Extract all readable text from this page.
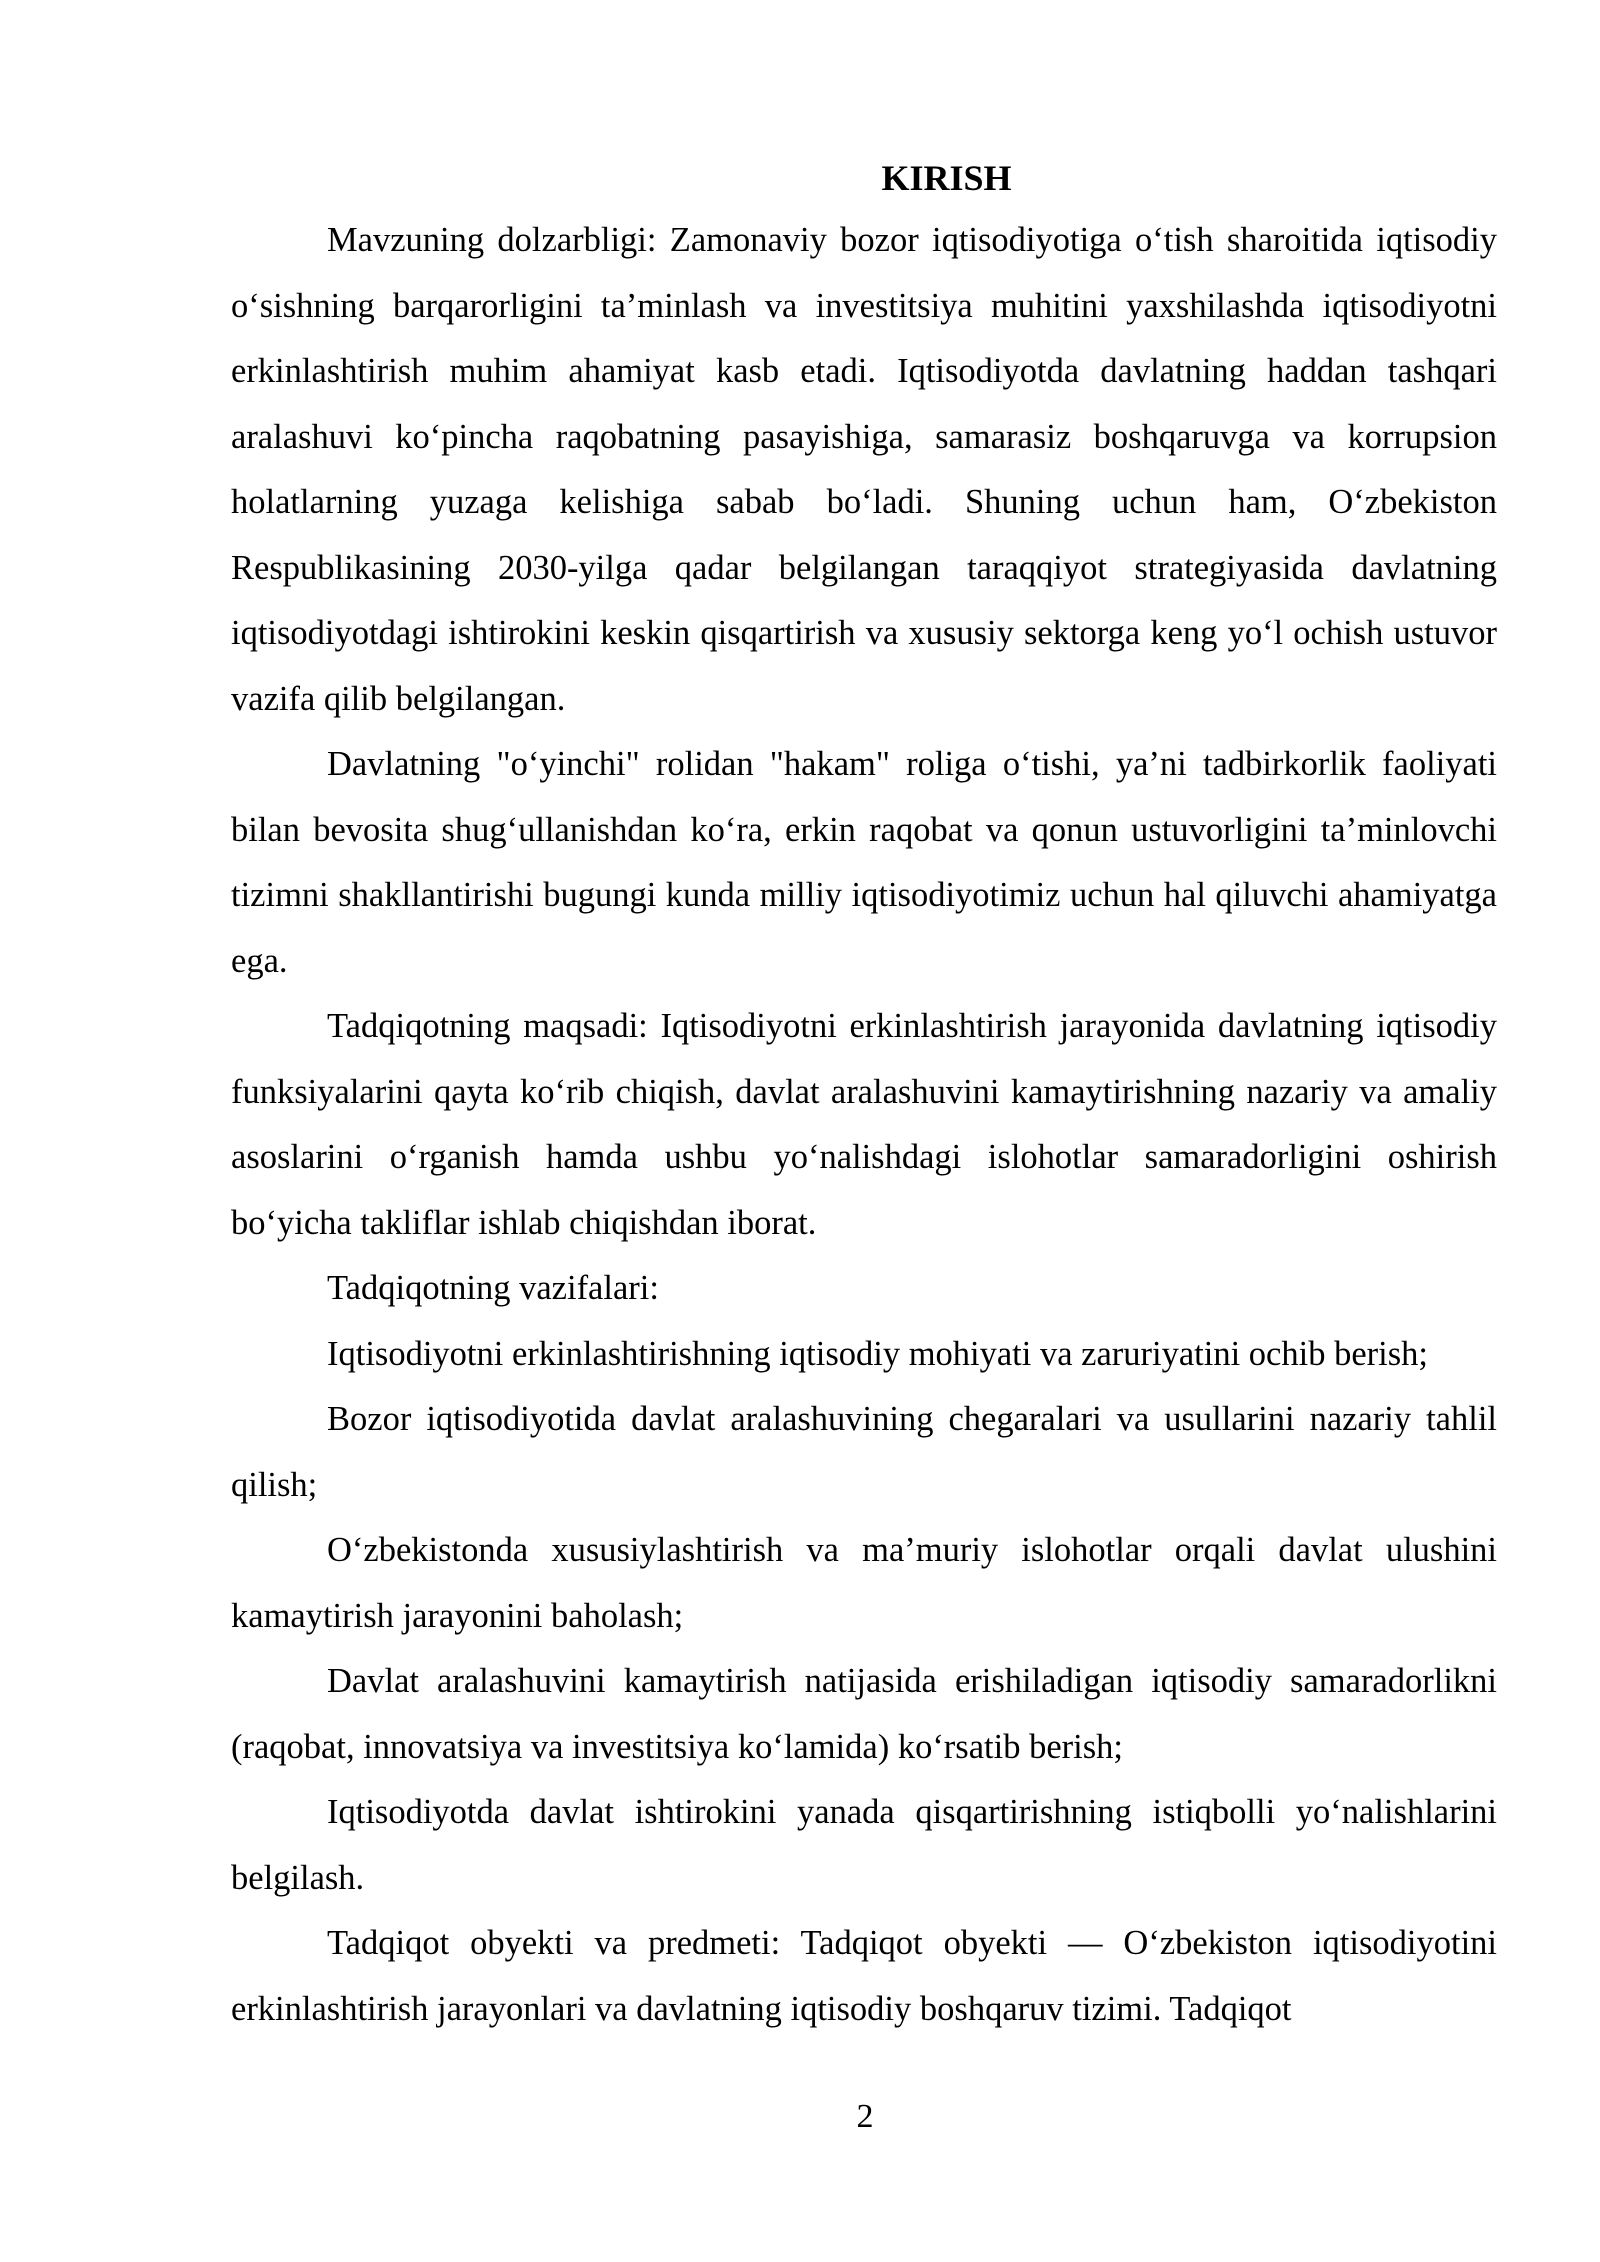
KIRISH

Mavzuning dolzarbligi: Zamonaviy bozor iqtisodiyotiga o‘tish sharoitida iqtisodiy o‘sishning barqarorligini ta’minlash va investitsiya muhitini yaxshilashda iqtisodiyotni erkinlashtirish muhim ahamiyat kasb etadi. Iqtisodiyotda davlatning haddan tashqari aralashuvi ko‘pincha raqobatning pasayishiga, samarasiz boshqaruvga va korrupsion holatlarning yuzaga kelishiga sabab bo‘ladi. Shuning uchun ham, O‘zbekiston Respublikasining 2030-yilga qadar belgilangan taraqqiyot strategiyasida davlatning iqtisodiyotdagi ishtirokini keskin qisqartirish va xususiy sektorga keng yo‘l ochish ustuvor vazifa qilib belgilangan.

Davlatning "o‘yinchi" rolidan "hakam" roliga o‘tishi, ya’ni tadbirkorlik faoliyati bilan bevosita shug‘ullanishdan ko‘ra, erkin raqobat va qonun ustuvorligini ta’minlovchi tizimni shakllantirishi bugungi kunda milliy iqtisodiyotimiz uchun hal qiluvchi ahamiyatga ega.

Tadqiqotning maqsadi: Iqtisodiyotni erkinlashtirish jarayonida davlatning iqtisodiy funksiyalarini qayta ko‘rib chiqish, davlat aralashuvini kamaytirishning nazariy va amaliy asoslarini o‘rganish hamda ushbu yo‘nalishdagi islohotlar samaradorligini oshirish bo‘yicha takliflar ishlab chiqishdan iborat.

Tadqiqotning vazifalari:

Iqtisodiyotni erkinlashtirishning iqtisodiy mohiyati va zaruriyatini ochib berish;

Bozor iqtisodiyotida davlat aralashuvining chegaralari va usullarini nazariy tahlil qilish;

O‘zbekistonda xususiylashtirish va ma’muriy islohotlar orqali davlat ulushini kamaytirish jarayonini baholash;

Davlat aralashuvini kamaytirish natijasida erishiladigan iqtisodiy samaradorlikni (raqobat, innovatsiya va investitsiya ko‘lamida) ko‘rsatib berish;

Iqtisodiyotda davlat ishtirokini yanada qisqartirishning istiqbolli yo‘nalishlarini belgilash.

Tadqiqot obyekti va predmeti: Tadqiqot obyekti — O‘zbekiston iqtisodiyotini erkinlashtirish jarayonlari va davlatning iqtisodiy boshqaruv tizimi. Tadqiqot

2
